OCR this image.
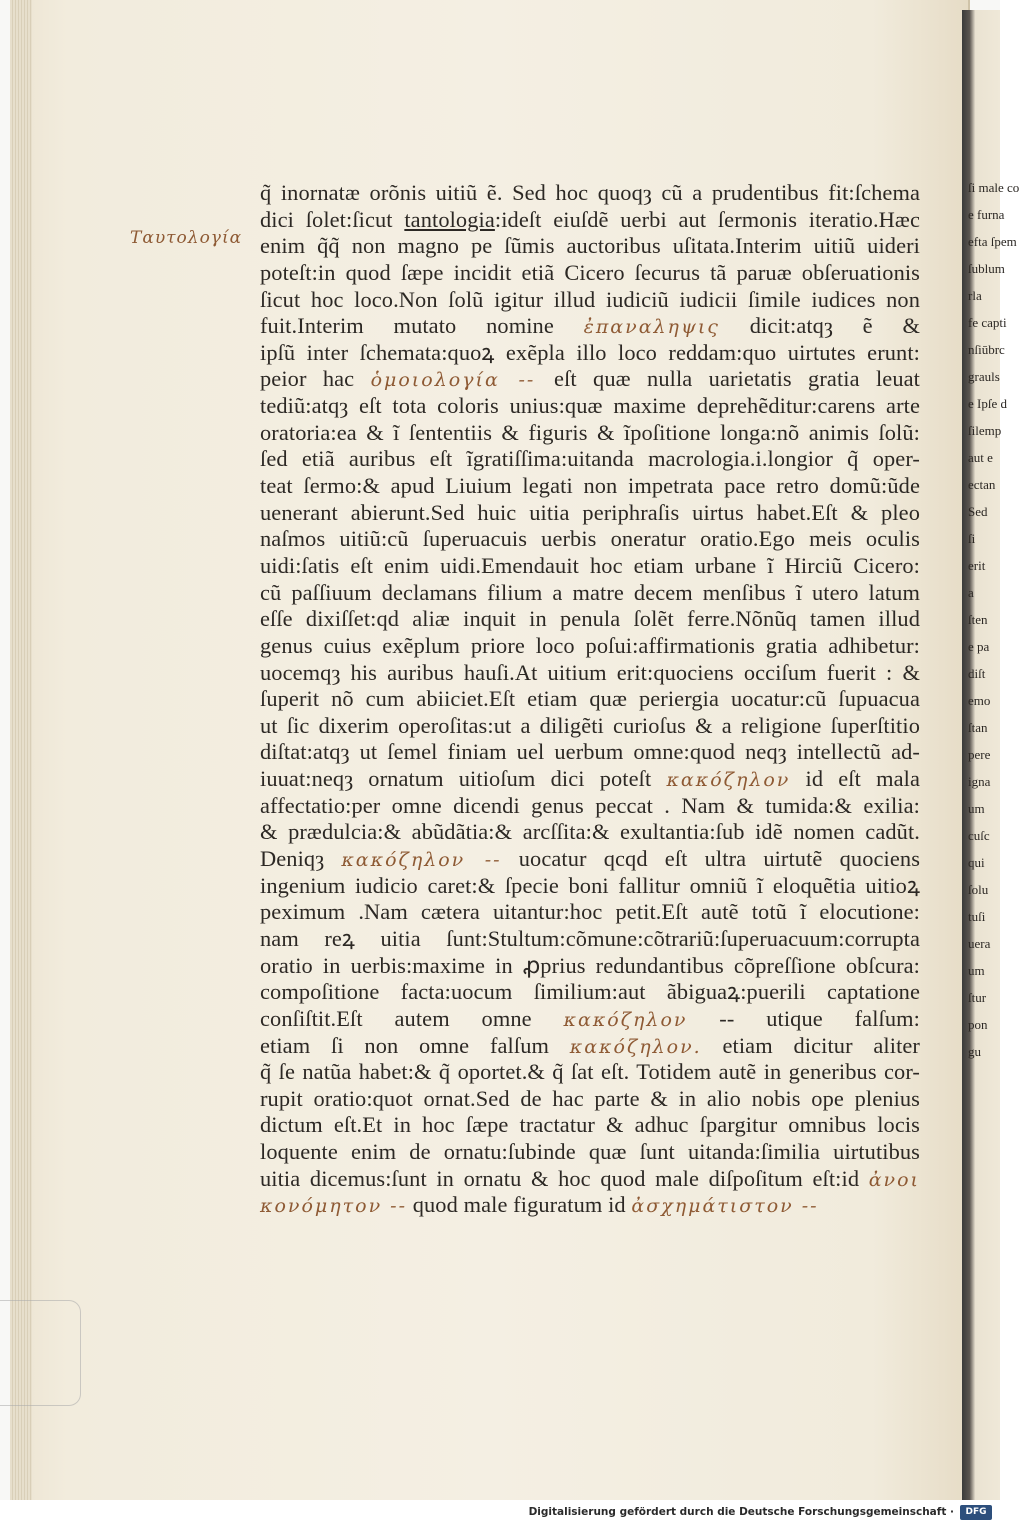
ſi male co
e furna
efta ſpem
ſublum
rla
fe capti
nſiūbrc
grauls
e Ipſe d
ſilemp
aut e
ectan
Sed
ſi
erit
a
ſten
e pa
diſt
emo
ſtan
pere
igna
um
cuſc
qui
ſolu
tuſi
uera
um
ſtur
pon
gu
Ταυτολογία
q̃ inornatæ orõnis uitiũ ẽ. Sed hoc quoqȝ cũ a prudentibus fit:ſchema
dici ſolet:ſicut tantologia:ideſt eiuſdẽ uerbi aut ſermonis iteratio.Hæc
enim q̃q̃ non magno pe ſũmis auctoribus uſitata.Interim uitiũ uideri
poteſt:in quod ſæpe incidit etiã Cicero ſecurus tã paruæ obſeruationis
ſicut hoc loco.Non ſolũ igitur illud iudiciũ iudicii ſimile iudices non
fuit.Interim mutato nomine ἐπαναληψις dicit:atqȝ ẽ &
ipſũ inter ſchemata:quoꝝ exẽpla illo loco reddam:quo uirtutes erunt:
peior hac ὁμοιολογία -- eſt quæ nulla uarietatis gratia leuat
tediũ:atqȝ eſt tota coloris unius:quæ maxime deprehẽditur:carens arte
oratoria:ea & ĩ ſententiis & figuris & ĩpoſitione longa:nõ animis ſolũ:
ſed etiã auribus eſt ĩgratiſſima:uitanda macrologia.i.longior q̃ oper-
teat ſermo:& apud Liuium legati non impetrata pace retro domũ:ũde
uenerant abierunt.Sed huic uitia periphraſis uirtus habet.Eſt & pleo
naſmos uitiũ:cũ ſuperuacuis uerbis oneratur oratio.Ego meis oculis
uidi:ſatis eſt enim uidi.Emendauit hoc etiam urbane ĩ Hirciũ Cicero:
cũ paſſiuum declamans filium a matre decem menſibus ĩ utero latum
eſſe dixiſſet:qd aliæ inquit in penula ſolẽt ferre.Nõnũq tamen illud
genus cuius exẽplum priore loco poſui:affirmationis gratia adhibetur:
uocemqȝ his auribus hauſi.At uitium erit:quociens occiſum fuerit : &
ſuperit nõ cum abiiciet.Eſt etiam quæ periergia uocatur:cũ ſupuacua
ut ſic dixerim operoſitas:ut a diligẽti curioſus & a religione ſuperſtitio
diſtat:atqȝ ut ſemel finiam uel uerbum omne:quod neqȝ intellectũ ad-
iuuat:neqȝ ornatum uitioſum dici poteſt κακόζηλον id eſt mala
affectatio:per omne dicendi genus peccat . Nam & tumida:& exilia:
& prædulcia:& abũdãtia:& arcſſita:& exultantia:ſub idẽ nomen cadũt.
Deniqȝ κακόζηλον -- uocatur qcqd eſt ultra uirtutẽ quociens
ingenium iudicio caret:& ſpecie boni fallitur omniũ ĩ eloquẽtia uitioꝝ
peximum .Nam cætera uitantur:hoc petit.Eſt autẽ totũ ĩ elocutione:
nam reꝝ uitia ſunt:Stultum:cõmune:cõtrariũ:ſuperuacuum:corrupta
oratio in uerbis:maxime in ꝓprius redundantibus cõpreſſione obſcura:
compoſitione facta:uocum ſimilium:aut ãbiguaꝝ:puerili captatione
conſiſtit.Eſt autem omne κακόζηλον -- utique falſum:
etiam ſi non omne falſum κακόζηλον. etiam dicitur aliter
q̃ ſe natũa habet:& q̃ oportet.& q̃ ſat eſt. Totidem autẽ in generibus cor-
rupit oratio:quot ornat.Sed de hac parte & in alio nobis ope plenius
dictum eſt.Et in hoc ſæpe tractatur & adhuc ſpargitur omnibus locis
loquente enim de ornatu:ſubinde quæ ſunt uitanda:ſimilia uirtutibus
uitia dicemus:ſunt in ornatu & hoc quod male diſpoſitum eſt:id ἀνοι
κονόμητον -- quod male figuratum id ἀσχημάτιστον --
Digitalisierung gefördert durch die Deutsche Forschungsgemeinschaft ·	DFG
